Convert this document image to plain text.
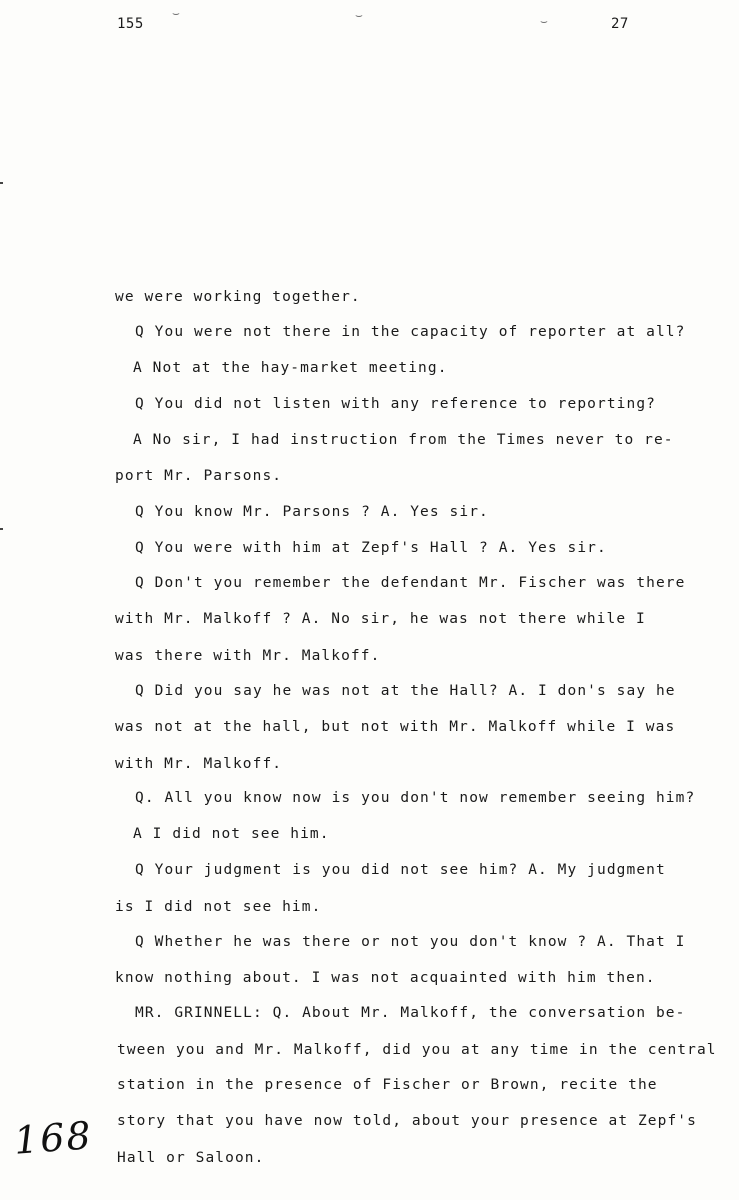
155	27
⌣	⌣	⌣
we were working together.
Q You were not there in the capacity of reporter at all?
A Not at the hay-market meeting.
Q You did not listen with any reference to reporting?
A No sir, I had instruction from the Times never to re-
port Mr. Parsons.
Q You know Mr. Parsons ? A. Yes sir.
Q You were with him at Zepf's Hall ? A. Yes sir.
Q Don't you remember the defendant Mr. Fischer was there
with Mr. Malkoff ? A. No sir, he was not there while I
was there with Mr. Malkoff.
Q Did you say he was not at the Hall? A. I don's say he
was not at the hall, but not with Mr. Malkoff while I was
with Mr. Malkoff.
Q. All you know now is you don't now remember seeing him?
A I did not see him.
Q Your judgment is you did not see him? A. My judgment
is I did not see him.
Q Whether he was there or not you don't know ? A. That I
know nothing about. I was not acquainted with him then.
MR. GRINNELL: Q. About Mr. Malkoff, the conversation be-
tween you and Mr. Malkoff, did you at any time in the central
station in the presence of Fischer or Brown, recite the
story that you have now told, about your presence at Zepf's
Hall or Saloon.
168
